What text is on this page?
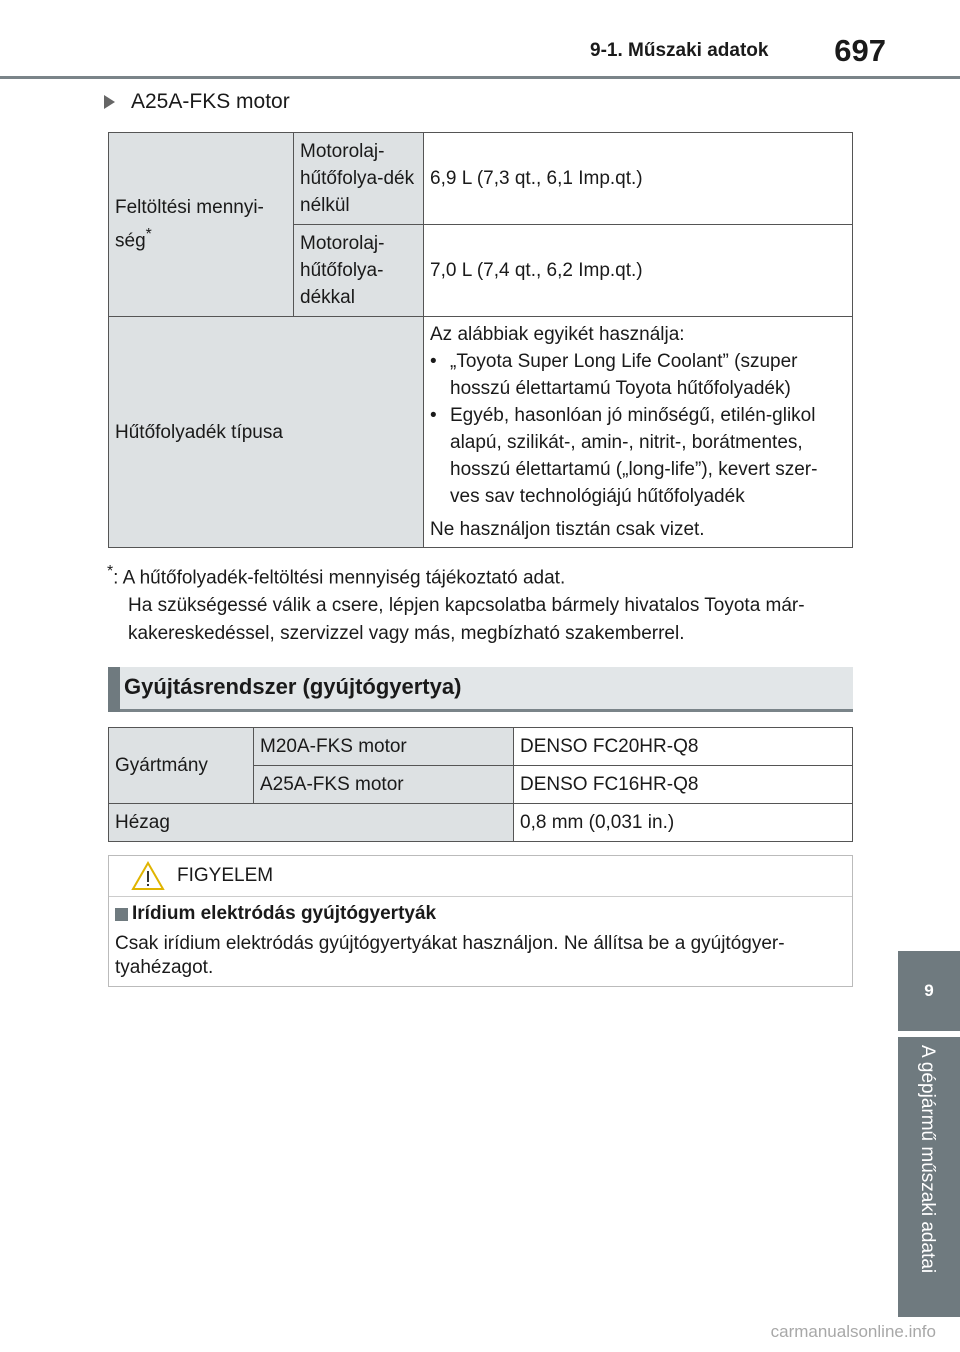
9-1. Műszaki adatok 697
9
A gépjármű műszaki adatai
A25A-FKS motor
Feltöltési mennyi-
ség*	Motorolaj-hűtőfolya-dék nélkül	6,9 L (7,3 qt., 6,1 Imp.qt.)
	Motorolaj-hűtőfolya-dékkal	7,0 L (7,4 qt., 6,2 Imp.qt.)
Hűtőfolyadék típusa		Az alábbiak egyikét használja:
• „Toyota Super Long Life Coolant” (szuper hosszú élettartamú Toyota hűtőfolyadék)
• Egyéb, hasonlóan jó minőségű, etilén-glikol alapú, szilikát-, amin-, nitrit-, borátmentes, hosszú élettartamú („long-life”), kevert szer-ves sav technológiájú hűtőfolyadék
Ne használjon tisztán csak vizet.
*: A hűtőfolyadék-feltöltési mennyiség tájékoztató adat.
Ha szükségessé válik a csere, lépjen kapcsolatba bármely hivatalos Toyota már-kakereskedéssel, szervizzel vagy más, megbízható szakemberrel.
Gyújtásrendszer (gyújtógyertya)
Gyártmány	M20A-FKS motor	DENSO FC20HR-Q8
	A25A-FKS motor	DENSO FC16HR-Q8
Hézag		0,8 mm (0,031 in.)
FIGYELEM
Irídium elektródás gyújtógyertyák
Csak irídium elektródás gyújtógyertyákat használjon. Ne állítsa be a gyújtógyer-tyahézagot.
carmanualsonline.info
